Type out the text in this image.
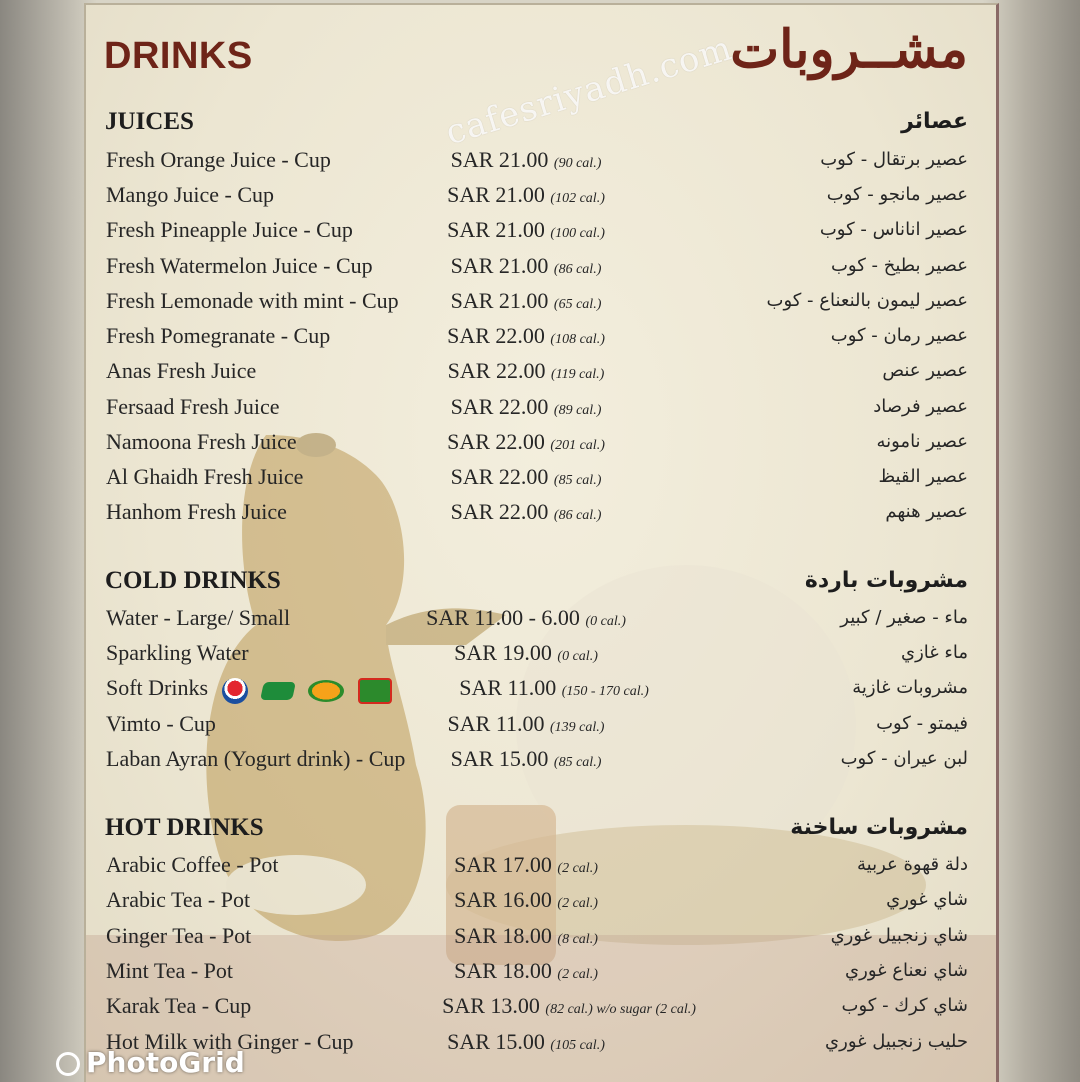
DRINKS	مشــروبات

cafesriyadh.com

JUICES	عصائر
Fresh Orange Juice - Cup	SAR 21.00 (90 cal.)	عصير برتقال - كوب
Mango Juice - Cup	SAR 21.00 (102 cal.)	عصير مانجو - كوب
Fresh Pineapple Juice - Cup	SAR 21.00 (100 cal.)	عصير اناناس - كوب
Fresh Watermelon Juice - Cup	SAR 21.00 (86 cal.)	عصير بطيخ - كوب
Fresh Lemonade with mint - Cup SAR 21.00 (65 cal.)	عصير ليمون بالنعناع - كوب
Fresh Pomegranate - Cup	SAR 22.00 (108 cal.)	عصير رمان - كوب
Anas Fresh Juice	SAR 22.00 (119 cal.)	عصير عنص
Fersaad Fresh Juice	SAR 22.00 (89 cal.)	عصير فرصاد
Namoona Fresh Juice	SAR 22.00 (201 cal.)	عصير نامونه
Al Ghaidh Fresh Juice	SAR 22.00 (85 cal.)	عصير القيظ
Hanhom Fresh Juice	SAR 22.00 (86 cal.)	عصير هنهم
COLD DRINKS	مشروبات باردة
Water - Large/ Small	SAR 11.00 - 6.00 (0 cal.)	ماء - صغير / كبير
Sparkling Water	SAR 19.00 (0 cal.)	ماء غازي
Soft Drinks	SAR 11.00 (150 - 170 cal.)	مشروبات غازية
Vimto - Cup	SAR 11.00 (139 cal.)	فيمتو - كوب
Laban Ayran (Yogurt drink) - Cup SAR 15.00 (85 cal.)	لبن عيران - كوب
HOT DRINKS	مشروبات ساخنة
Arabic Coffee - Pot	SAR 17.00 (2 cal.)	دلة قهوة عربية
Arabic Tea - Pot	SAR 16.00 (2 cal.)	شاي غوري
Ginger Tea - Pot	SAR 18.00 (8 cal.)	شاي زنجبيل غوري
Mint Tea - Pot	SAR 18.00 (2 cal.)	شاي نعناع غوري
Karak Tea - Cup	SAR 13.00 (82 cal.) w/o sugar (2 cal.)	شاي كرك - كوب
Hot Milk with Ginger - Cup	SAR 15.00 (105 cal.)	حليب زنجبيل غوري

PhotoGrid
